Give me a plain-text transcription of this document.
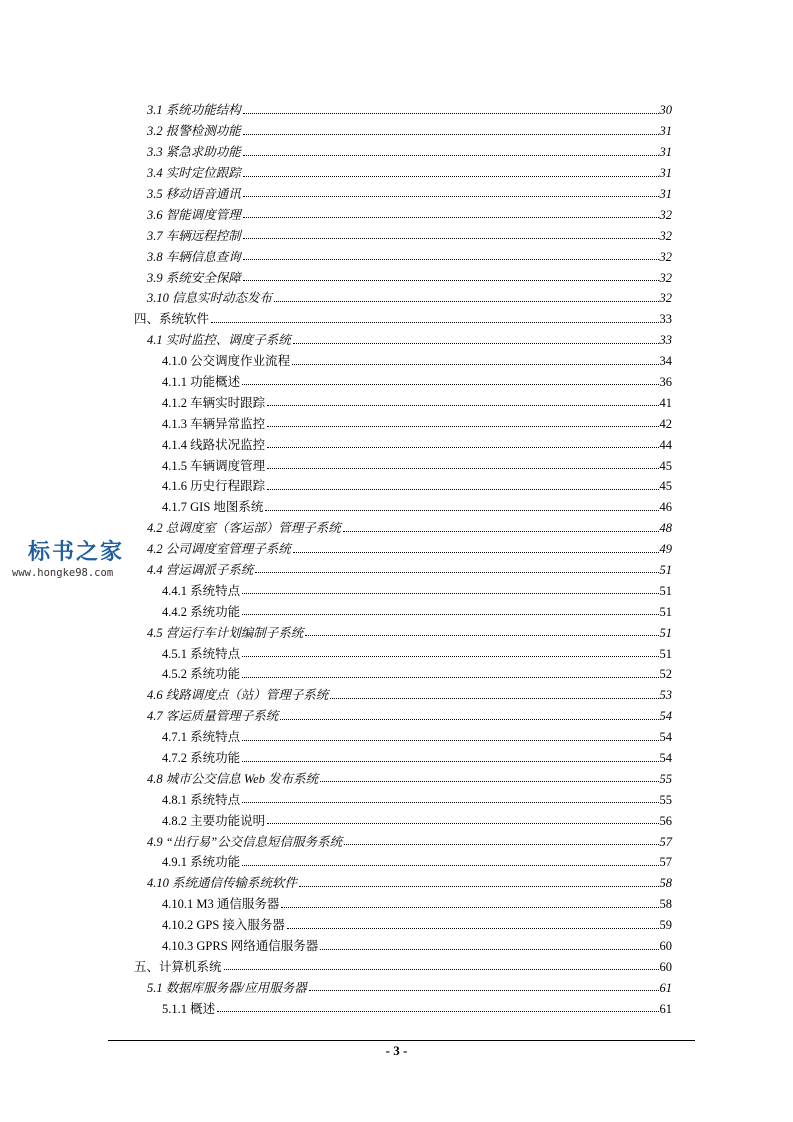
3.1 系统功能结构	30
3.2 报警检测功能	31
3.3 紧急求助功能	31
3.4 实时定位跟踪	31
3.5 移动语音通讯	31
3.6 智能调度管理	32
3.7 车辆远程控制	32
3.8 车辆信息查询	32
3.9 系统安全保障	32
3.10 信息实时动态发布	32
四、系统软件	33
4.1 实时监控、调度子系统	33
4.1.0 公交调度作业流程	34
4.1.1 功能概述	36
4.1.2 车辆实时跟踪	41
4.1.3 车辆异常监控	42
4.1.4 线路状况监控	44
4.1.5 车辆调度管理	45
4.1.6 历史行程跟踪	45
4.1.7 GIS 地图系统	46
4.2 总调度室（客运部）管理子系统	48
4.2 公司调度室管理子系统	49
4.4 营运调派子系统	51
4.4.1 系统特点	51
4.4.2 系统功能	51
4.5 营运行车计划编制子系统	51
4.5.1 系统特点	51
4.5.2 系统功能	52
4.6 线路调度点（站）管理子系统	53
4.7 客运质量管理子系统	54
4.7.1 系统特点	54
4.7.2 系统功能	54
4.8 城市公交信息 Web 发布系统	55
4.8.1 系统特点	55
4.8.2 主要功能说明	56
4.9 “出行易”公交信息短信服务系统	57
4.9.1 系统功能	57
4.10 系统通信传输系统软件	58
4.10.1 M3 通信服务器	58
4.10.2 GPS 接入服务器	59
4.10.3 GPRS 网络通信服务器	60
五、计算机系统	60
5.1 数据库服务器/应用服务器	61
5.1.1 概述	61
标书之家
www.hongke98.com
- 3 -
